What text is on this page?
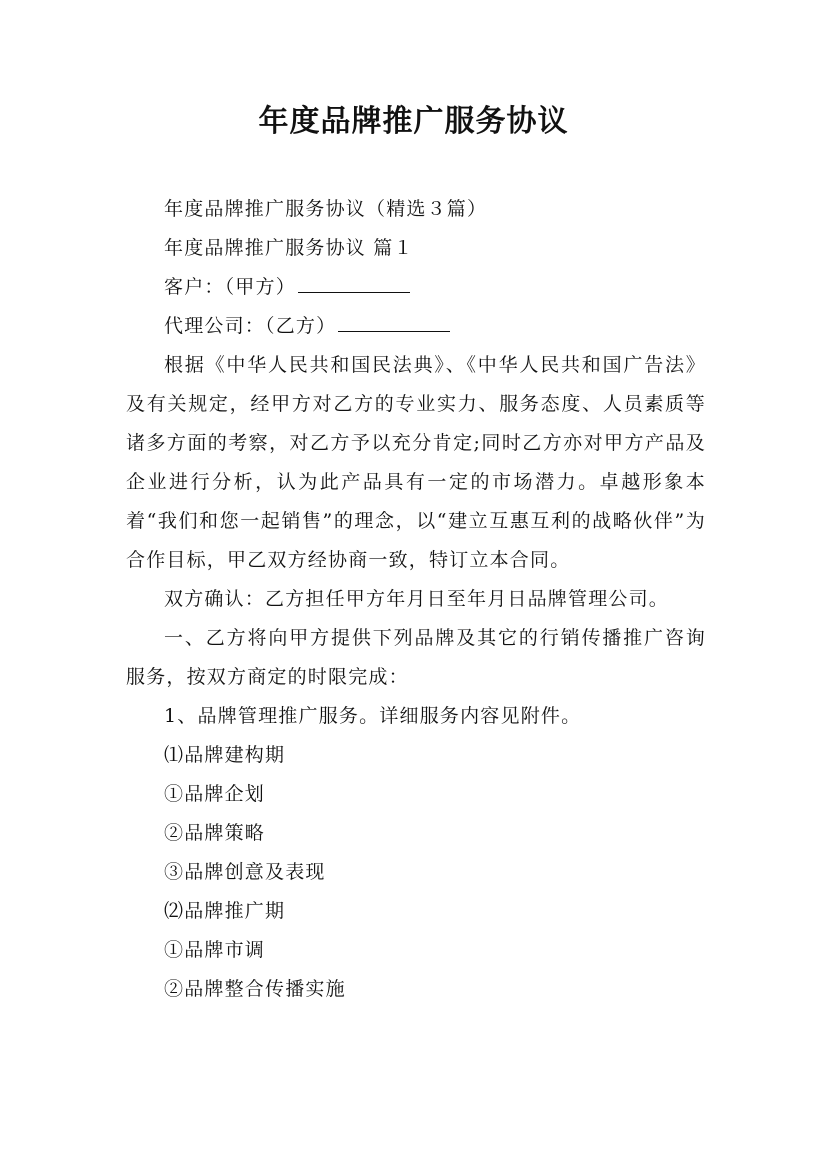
年度品牌推广服务协议

年度品牌推广服务协议（精选３篇）

年度品牌推广服务协议 篇１

客户：（甲方）

代理公司：（乙方）

根据《中华人民共和国民法典》、《中华人民共和国广告法》及有关规定，经甲方对乙方的专业实力、服务态度、人员素质等诸多方面的考察，对乙方予以充分肯定;同时乙方亦对甲方产品及企业进行分析，认为此产品具有一定的市场潜力。卓越形象本着“我们和您一起销售”的理念，以“建立互惠互利的战略伙伴”为合作目标，甲乙双方经协商一致，特订立本合同。

双方确认：乙方担任甲方年月日至年月日品牌管理公司。

一、乙方将向甲方提供下列品牌及其它的行销传播推广咨询服务，按双方商定的时限完成：

1、品牌管理推广服务。详细服务内容见附件。

⑴品牌建构期

①品牌企划

②品牌策略

③品牌创意及表现

⑵品牌推广期

①品牌市调

②品牌整合传播实施
